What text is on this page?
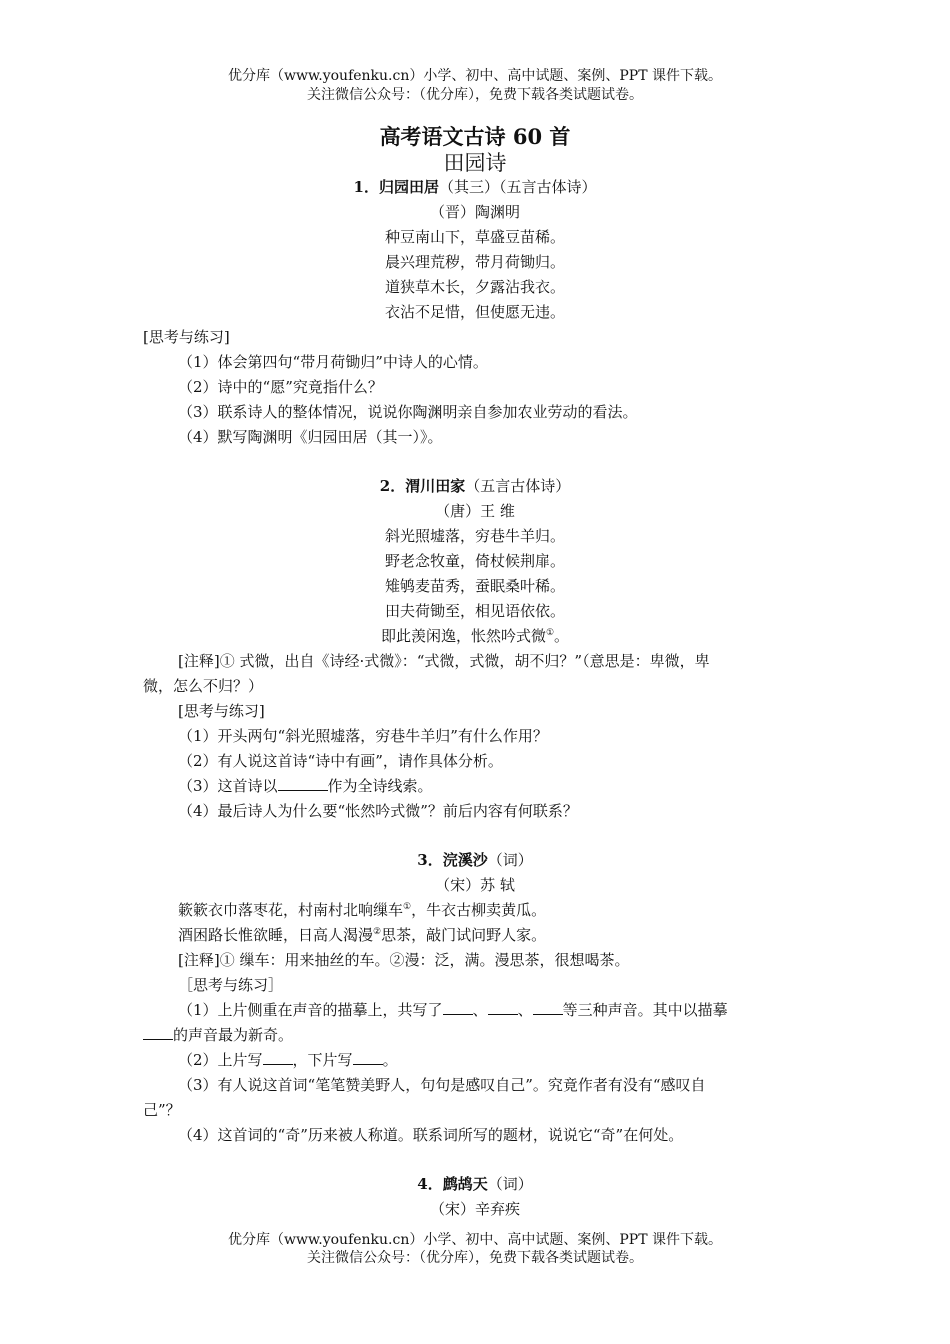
优分库（www.youfenku.cn）小学、初中、高中试题、案例、PPT 课件下载。
关注微信公众号：（优分库），免费下载各类试题试卷。
高考语文古诗 60 首
田园诗
1．归园田居（其三）（五言古体诗）
（晋）陶渊明
种豆南山下，草盛豆苗稀。
晨兴理荒秽，带月荷锄归。
道狭草木长，夕露沾我衣。
衣沾不足惜，但使愿无违。
[思考与练习]
（1）体会第四句“带月荷锄归”中诗人的心情。
（2）诗中的“愿”究竟指什么？
（3）联系诗人的整体情况，说说你陶渊明亲自参加农业劳动的看法。
（4）默写陶渊明《归园田居（其一）》。
2．渭川田家（五言古体诗）
（唐）王 维
斜光照墟落，穷巷牛羊归。
野老念牧童，倚杖候荆扉。
雉鸲麦苗秀，蚕眠桑叶稀。
田夫荷锄至，相见语依依。
即此羡闲逸，怅然吟式微①。
[注释]① 式微，出自《诗经·式微》：“式微，式微，胡不归？”（意思是：卑微，卑
微，怎么不归？）
[思考与练习]
（1）开头两句“斜光照墟落，穷巷牛羊归”有什么作用？
（2）有人说这首诗“诗中有画”，请作具体分析。
（3）这首诗以	作为全诗线索。
（4）最后诗人为什么要“怅然吟式微”？前后内容有何联系？
3．浣溪沙（词）
（宋）苏 轼
簌簌衣巾落枣花，村南村北响缫车①，牛衣古柳卖黄瓜。
酒困路长惟欲睡，日高人渴漫②思茶，敲门试问野人家。
[注释]① 缫车：用来抽丝的车。②漫：泛，满。漫思茶，很想喝茶。
［思考与练习］
（1）上片侧重在声音的描摹上，共写了 、 、 等三种声音。其中以描摹
的声音最为新奇。
（2）上片写 ，下片写 。
（3）有人说这首词“笔笔赞美野人，句句是感叹自己”。究竟作者有没有“感叹自
己”？
（4）这首词的“奇”历来被人称道。联系词所写的题材，说说它“奇”在何处。
4．鹧鸪天（词）
（宋）辛弃疾
优分库（www.youfenku.cn）小学、初中、高中试题、案例、PPT 课件下载。
关注微信公众号：（优分库），免费下载各类试题试卷。
